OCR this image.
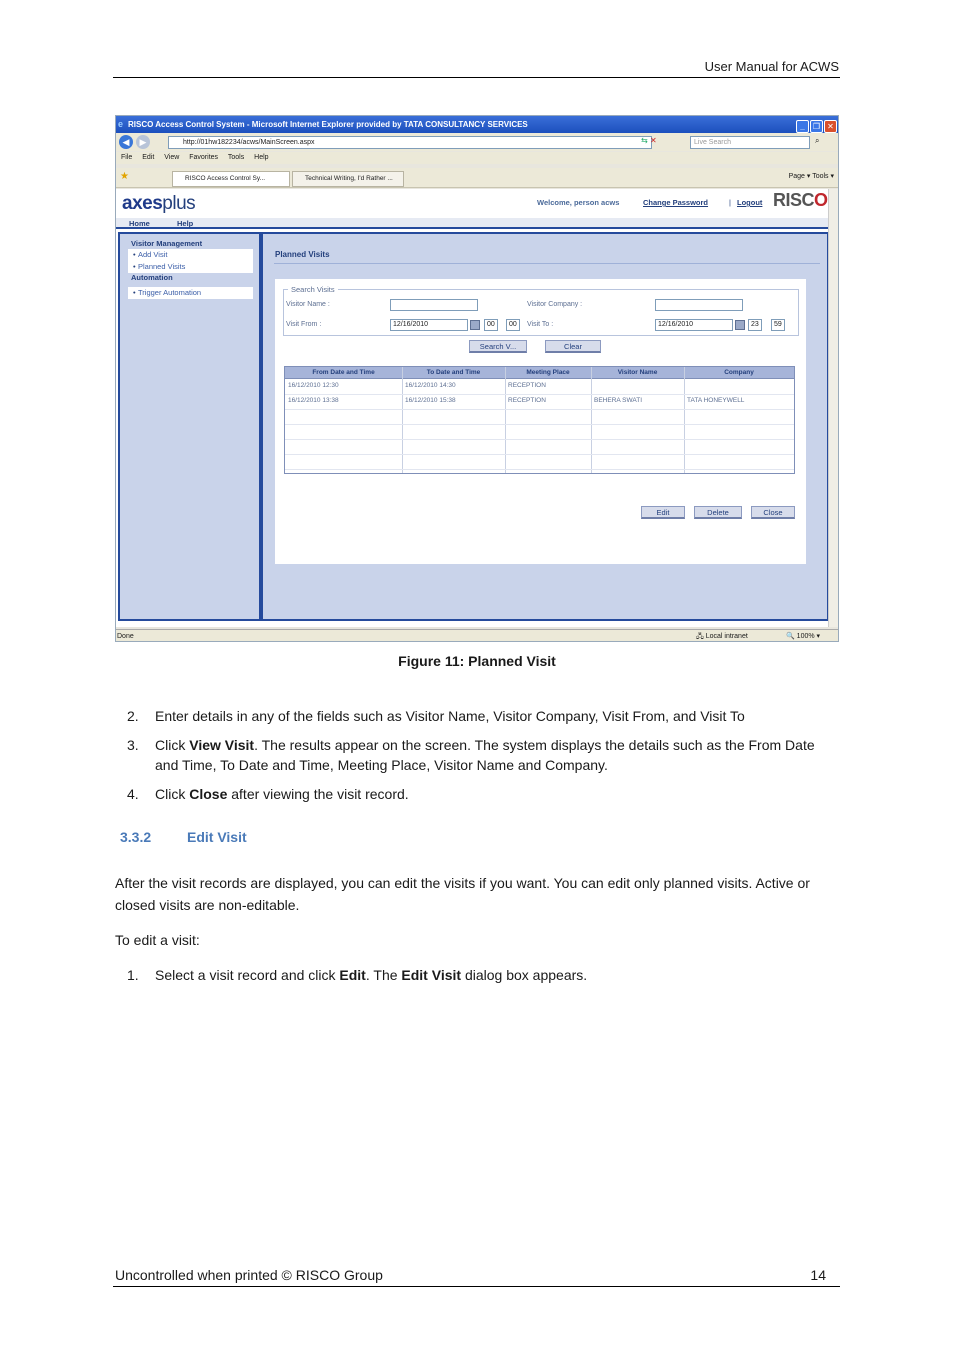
User Manual for ACWS
e RISCO Access Control System - Microsoft Internet Explorer provided by TATA CONSULTANCY SERVICES	_ ❐ ✕
◀	▶	http://01hw182234/acws/MainScreen.aspx	⇆ ✕	Live Search	⌕
File Edit View Favorites Tools Help
★	RISCO Access Control Sy...	Technical Writing, I'd Rather ...	Page ▾ Tools ▾
axesplus	Welcome, person acws	Change Password	| Logout RISCO
Home	Help
Visitor Management
• Add Visit
• Planned Visits
Automation
• Trigger Automation
Planned Visits
Search Visits
Visitor Name :	Visitor Company :
Visit From :	12/16/2010	00	00	Visit To :	12/16/2010	23	59
Search V...	Clear
From Date and Time	To Date and Time	Meeting Place	Visitor Name	Company
16/12/2010 12:30	16/12/2010 14:30	RECEPTION
16/12/2010 13:38	16/12/2010 15:38	RECEPTION	BEHERA SWATI	TATA HONEYWELL
Edit	Delete	Close
Done	🖧 Local intranet	🔍 100% ▾
Figure 11: Planned Visit
2. Enter details in any of the fields such as Visitor Name, Visitor Company, Visit From, and Visit To
3. Click View Visit. The results appear on the screen. The system displays the details such as the From Date and Time, To Date and Time, Meeting Place, Visitor Name and Company.
4. Click Close after viewing the visit record.
3.3.2	Edit Visit
After the visit records are displayed, you can edit the visits if you want. You can edit only planned visits. Active or closed visits are non-editable.
To edit a visit:
1. Select a visit record and click Edit. The Edit Visit dialog box appears.
Uncontrolled when printed © RISCO Group	14
